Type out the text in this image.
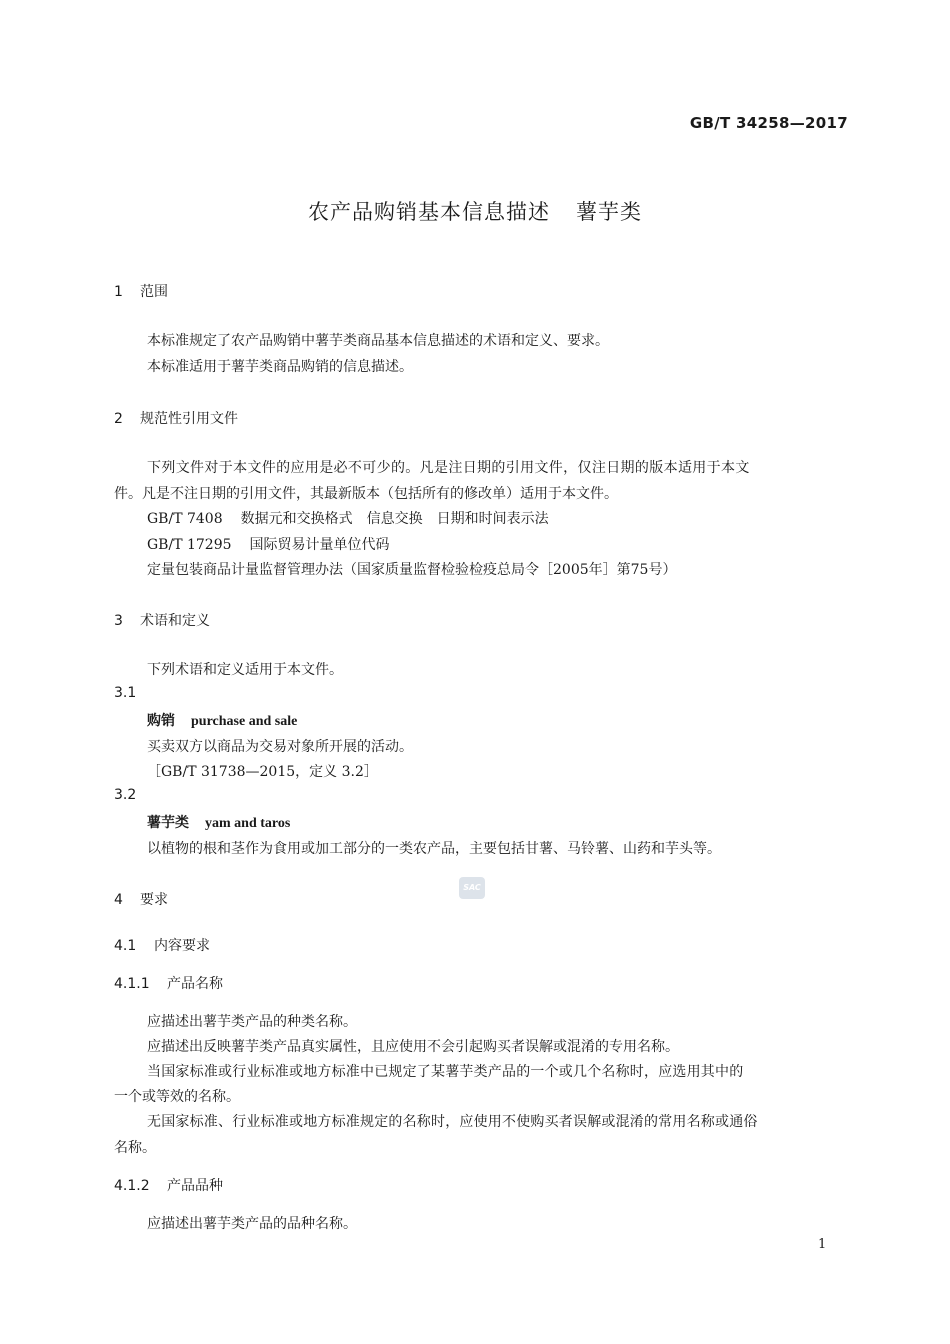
GB/T 34258—2017
农产品购销基本信息描述 薯芋类
1 范围
本标准规定了农产品购销中薯芋类商品基本信息描述的术语和定义、要求。
本标准适用于薯芋类商品购销的信息描述。
2 规范性引用文件
下列文件对于本文件的应用是必不可少的。凡是注日期的引用文件，仅注日期的版本适用于本文
件。凡是不注日期的引用文件，其最新版本（包括所有的修改单）适用于本文件。
GB/T 7408 数据元和交换格式　信息交换　日期和时间表示法
GB/T 17295 国际贸易计量单位代码
定量包装商品计量监督管理办法（国家质量监督检验检疫总局令［2005年］第75号）
3 术语和定义
下列术语和定义适用于本文件。
3.1
购销 purchase and sale
买卖双方以商品为交易对象所开展的活动。
［GB/T 31738—2015，定义 3.2］
3.2
薯芋类 yam and taros
以植物的根和茎作为食用或加工部分的一类农产品，主要包括甘薯、马铃薯、山药和芋头等。
SAC
4 要求
4.1 内容要求
4.1.1 产品名称
应描述出薯芋类产品的种类名称。
应描述出反映薯芋类产品真实属性，且应使用不会引起购买者误解或混淆的专用名称。
当国家标准或行业标准或地方标准中已规定了某薯芋类产品的一个或几个名称时，应选用其中的
一个或等效的名称。
无国家标准、行业标准或地方标准规定的名称时，应使用不使购买者误解或混淆的常用名称或通俗
名称。
4.1.2 产品品种
应描述出薯芋类产品的品种名称。
1
